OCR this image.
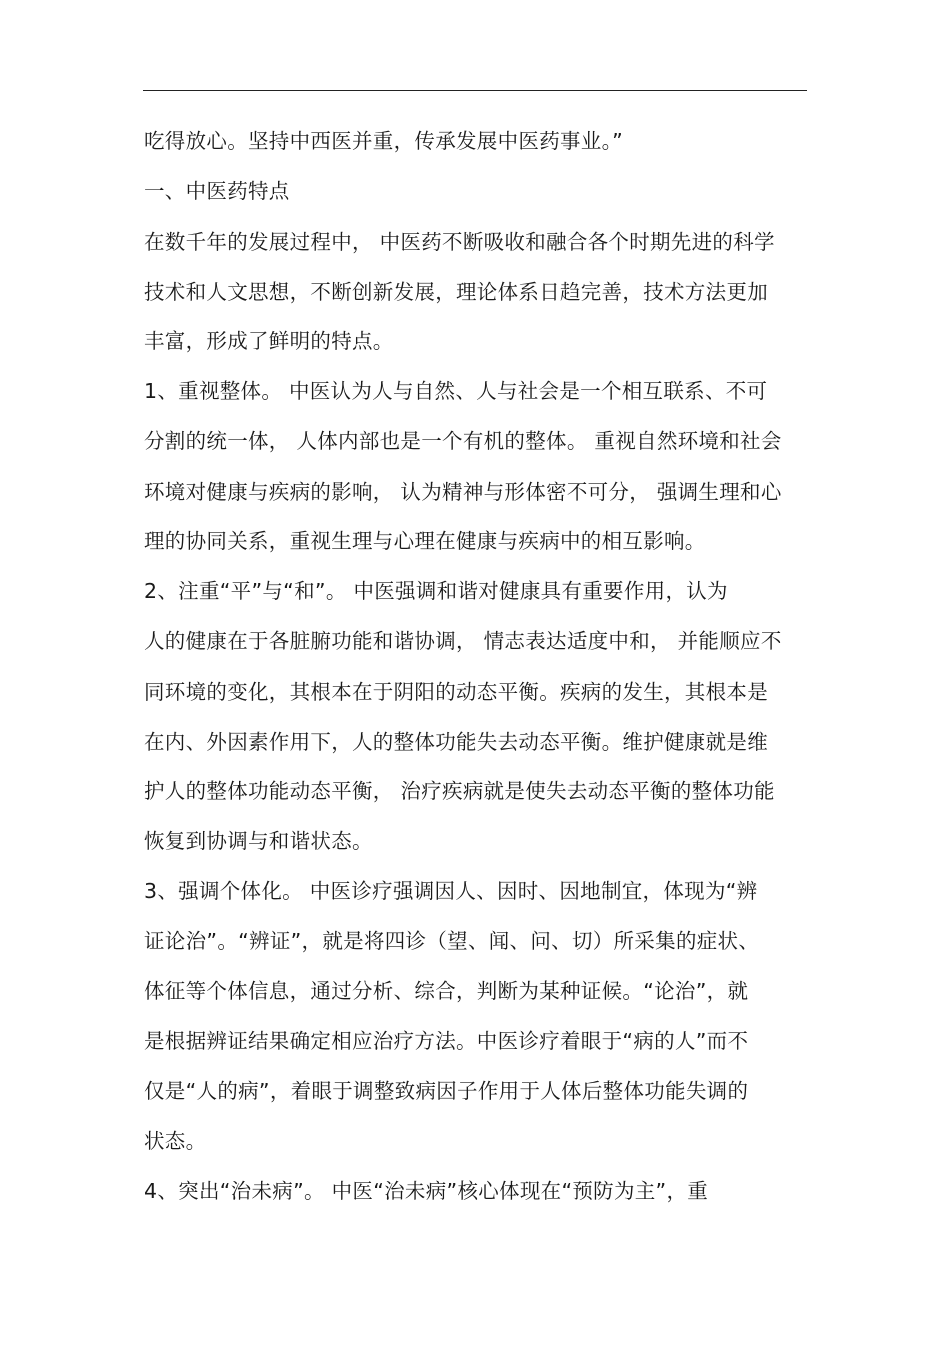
吃得放心。坚持中西医并重，传承发展中医药事业。”
一、中医药特点
在数千年的发展过程中， 中医药不断吸收和融合各个时期先进的科学
技术和人文思想，不断创新发展，理论体系日趋完善，技术方法更加
丰富，形成了鲜明的特点。
1、重视整体。 中医认为人与自然、人与社会是一个相互联系、不可
分割的统一体， 人体内部也是一个有机的整体。 重视自然环境和社会
环境对健康与疾病的影响， 认为精神与形体密不可分， 强调生理和心
理的协同关系，重视生理与心理在健康与疾病中的相互影响。
2、注重“平”与“和”。 中医强调和谐对健康具有重要作用，认为
人的健康在于各脏腑功能和谐协调， 情志表达适度中和， 并能顺应不
同环境的变化，其根本在于阴阳的动态平衡。疾病的发生，其根本是
在内、外因素作用下，人的整体功能失去动态平衡。维护健康就是维
护人的整体功能动态平衡， 治疗疾病就是使失去动态平衡的整体功能
恢复到协调与和谐状态。
3、强调个体化。 中医诊疗强调因人、因时、因地制宜，体现为“辨
证论治”。“辨证”，就是将四诊（望、闻、问、切）所采集的症状、
体征等个体信息，通过分析、综合，判断为某种证候。“论治”，就
是根据辨证结果确定相应治疗方法。中医诊疗着眼于“病的人”而不
仅是“人的病”，着眼于调整致病因子作用于人体后整体功能失调的
状态。
4、突出“治未病”。 中医“治未病”核心体现在“预防为主”，重
